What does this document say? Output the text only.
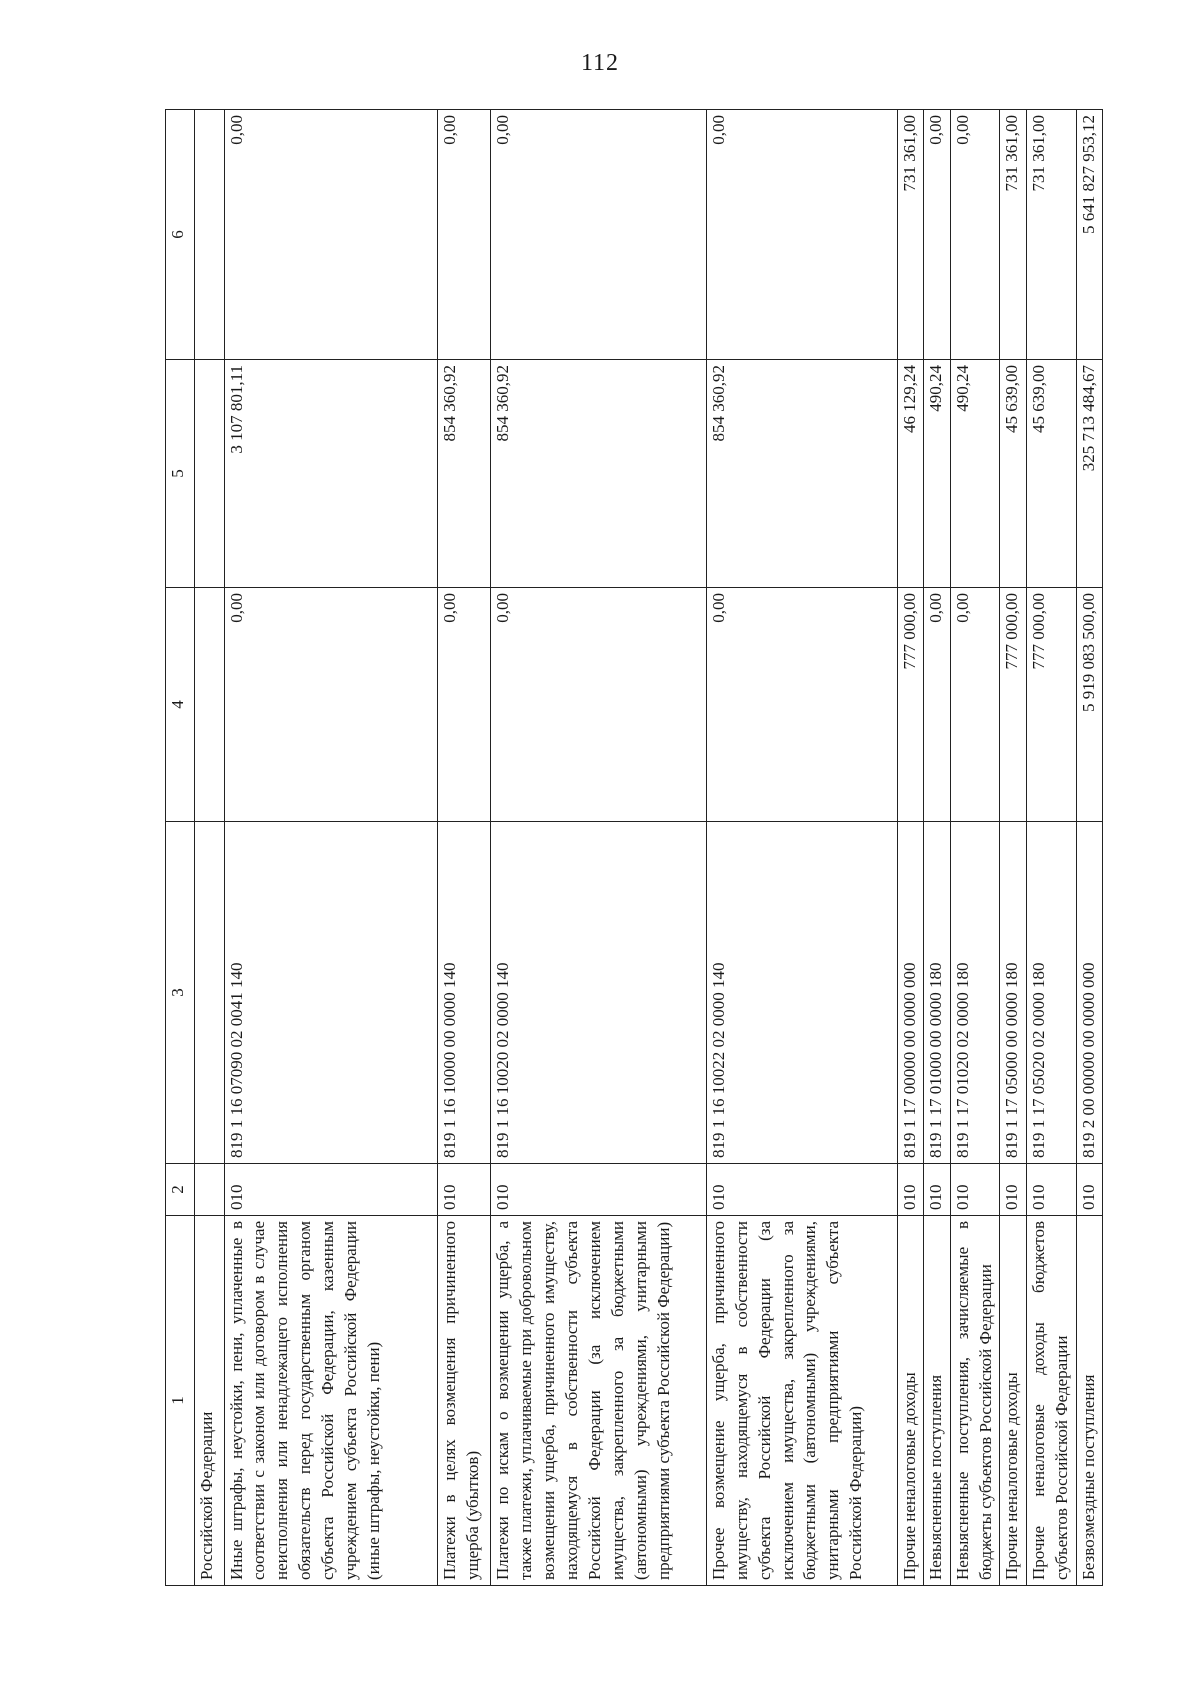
112
1	2	3	4	5	6
Российской Федерации					
Иные штрафы, неустойки, пени, уплаченные в соответствии с законом или договором в случае неисполнения или ненадлежащего исполнения обязательств перед государственным органом субъекта Российской Федерации, казенным учреждением субъекта Российской Федерации (иные штрафы, неустойки, пени)	010	819 1 16 07090 02 0041 140	0,00	3 107 801,11	0,00
Платежи в целях возмещения причиненного ущерба (убытков)	010	819 1 16 10000 00 0000 140	0,00	854 360,92	0,00
Платежи по искам о возмещении ущерба, а также платежи, уплачиваемые при добровольном возмещении ущерба, причиненного имуществу, находящемуся в собственности субъекта Российской Федерации (за исключением имущества, закрепленного за бюджетными (автономными) учреждениями, унитарными предприятиями субъекта Российской Федерации)	010	819 1 16 10020 02 0000 140	0,00	854 360,92	0,00
Прочее возмещение ущерба, причиненного имуществу, находящемуся в собственности субъекта Российской Федерации (за исключением имущества, закрепленного за бюджетными (автономными) учреждениями, унитарными предприятиями субъекта Российской Федерации)	010	819 1 16 10022 02 0000 140	0,00	854 360,92	0,00
Прочие неналоговые доходы	010	819 1 17 00000 00 0000 000	777 000,00	46 129,24	731 361,00
Невыясненные поступления	010	819 1 17 01000 00 0000 180	0,00	490,24	0,00
Невыясненные поступления, зачисляемые в бюджеты субъектов Российской Федерации	010	819 1 17 01020 02 0000 180	0,00	490,24	0,00
Прочие неналоговые доходы	010	819 1 17 05000 00 0000 180	777 000,00	45 639,00	731 361,00
Прочие неналоговые доходы бюджетов субъектов Российской Федерации	010	819 1 17 05020 02 0000 180	777 000,00	45 639,00	731 361,00
Безвозмездные поступления	010	819 2 00 00000 00 0000 000	5 919 083 500,00	325 713 484,67	5 641 827 953,12
